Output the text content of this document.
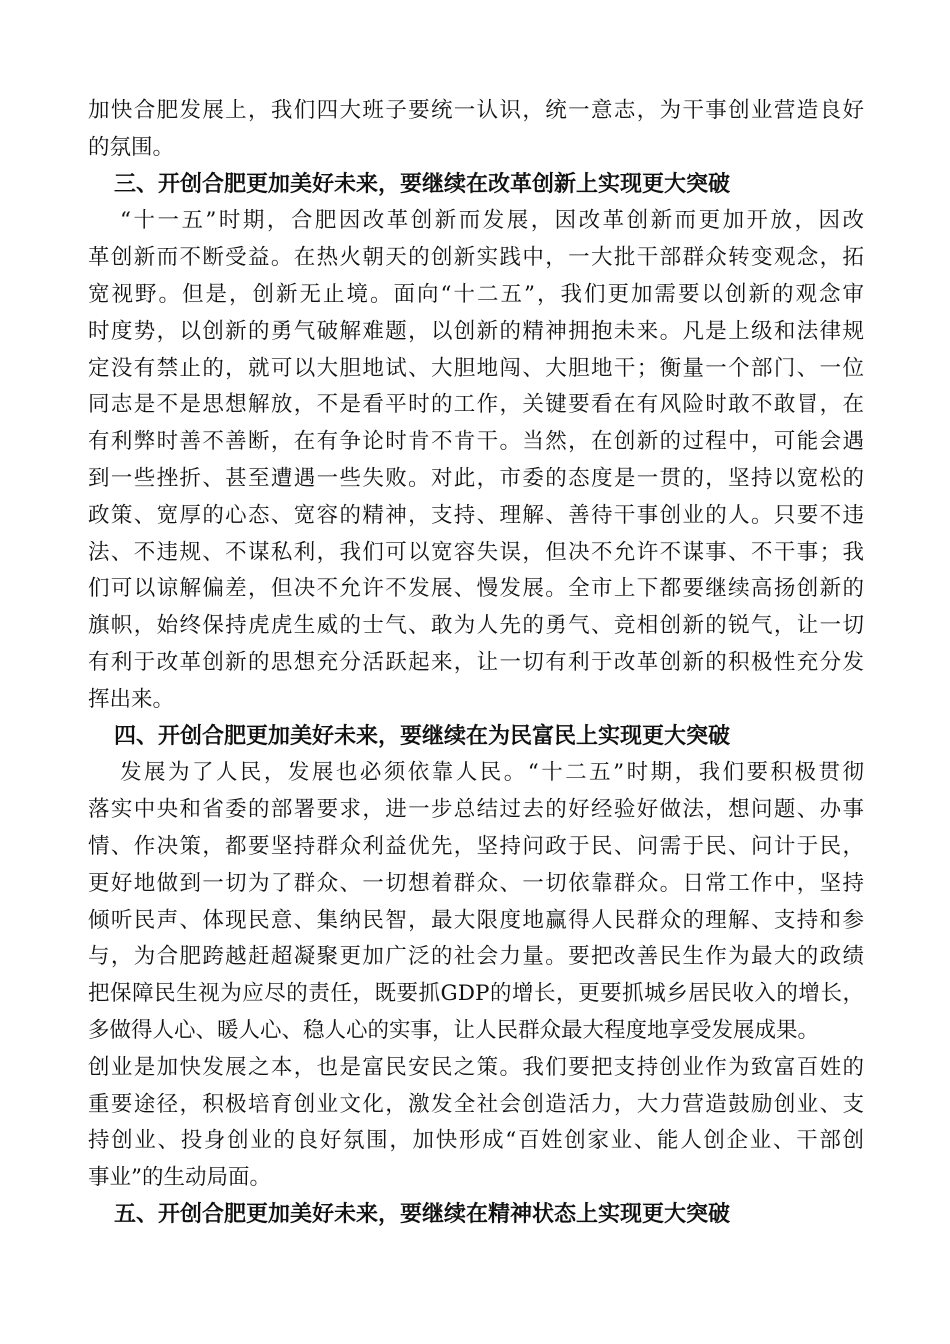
加快合肥发展上，我们四大班子要统一认识，统一意志，为干事创业营造良好
的氛围。
三、开创合肥更加美好未来，要继续在改革创新上实现更大突破
“十一五”时期，合肥因改革创新而发展，因改革创新而更加开放，因改
革创新而不断受益。在热火朝天的创新实践中，一大批干部群众转变观念，拓
宽视野。但是，创新无止境。面向“十二五”，我们更加需要以创新的观念审
时度势，以创新的勇气破解难题，以创新的精神拥抱未来。凡是上级和法律规
定没有禁止的，就可以大胆地试、大胆地闯、大胆地干；衡量一个部门、一位
同志是不是思想解放，不是看平时的工作，关键要看在有风险时敢不敢冒，在
有利弊时善不善断，在有争论时肯不肯干。当然，在创新的过程中，可能会遇
到一些挫折、甚至遭遇一些失败。对此，市委的态度是一贯的，坚持以宽松的
政策、宽厚的心态、宽容的精神，支持、理解、善待干事创业的人。只要不违
法、不违规、不谋私利，我们可以宽容失误，但决不允许不谋事、不干事；我
们可以谅解偏差，但决不允许不发展、慢发展。全市上下都要继续高扬创新的
旗帜，始终保持虎虎生威的士气、敢为人先的勇气、竞相创新的锐气，让一切
有利于改革创新的思想充分活跃起来，让一切有利于改革创新的积极性充分发
挥出来。
四、开创合肥更加美好未来，要继续在为民富民上实现更大突破
发展为了人民，发展也必须依靠人民。“十二五”时期，我们要积极贯彻
落实中央和省委的部署要求，进一步总结过去的好经验好做法，想问题、办事
情、作决策，都要坚持群众利益优先，坚持问政于民、问需于民、问计于民，
更好地做到一切为了群众、一切想着群众、一切依靠群众。日常工作中，坚持
倾听民声、体现民意、集纳民智，最大限度地赢得人民群众的理解、支持和参
与，为合肥跨越赶超凝聚更加广泛的社会力量。要把改善民生作为最大的政绩
把保障民生视为应尽的责任，既要抓GDP的增长，更要抓城乡居民收入的增长，
多做得人心、暖人心、稳人心的实事，让人民群众最大程度地享受发展成果。
创业是加快发展之本，也是富民安民之策。我们要把支持创业作为致富百姓的
重要途径，积极培育创业文化，激发全社会创造活力，大力营造鼓励创业、支
持创业、投身创业的良好氛围，加快形成“百姓创家业、能人创企业、干部创
事业”的生动局面。
五、开创合肥更加美好未来，要继续在精神状态上实现更大突破
